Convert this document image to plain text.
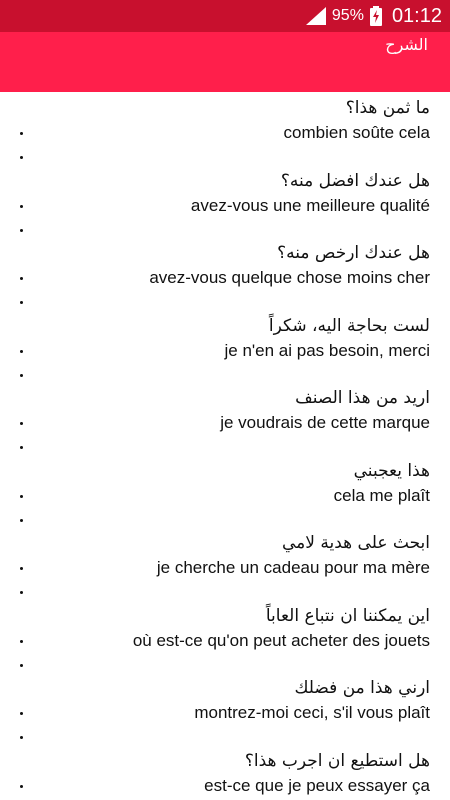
95% 01:12
الشرح
ما ثمن هذا؟
combien soûte cela
هل عندك افضل منه؟
avez-vous une meilleure qualité
هل عندك ارخص منه؟
avez-vous quelque chose moins cher
لست بحاجة اليه، شكراً
je n'en ai pas besoin, merci
اريد من هذا الصنف
je voudrais de cette marque
هذا يعجبني
cela me plaît
ابحث على هدية لامي
je cherche un cadeau pour ma mère
اين يمكننا ان نتباع العاباً
où est-ce qu'on peut acheter des jouets
ارني هذا من فضلك
montrez-moi ceci, s'il vous plaît
هل استطيع ان اجرب هذا؟
est-ce que je peux essayer ça
